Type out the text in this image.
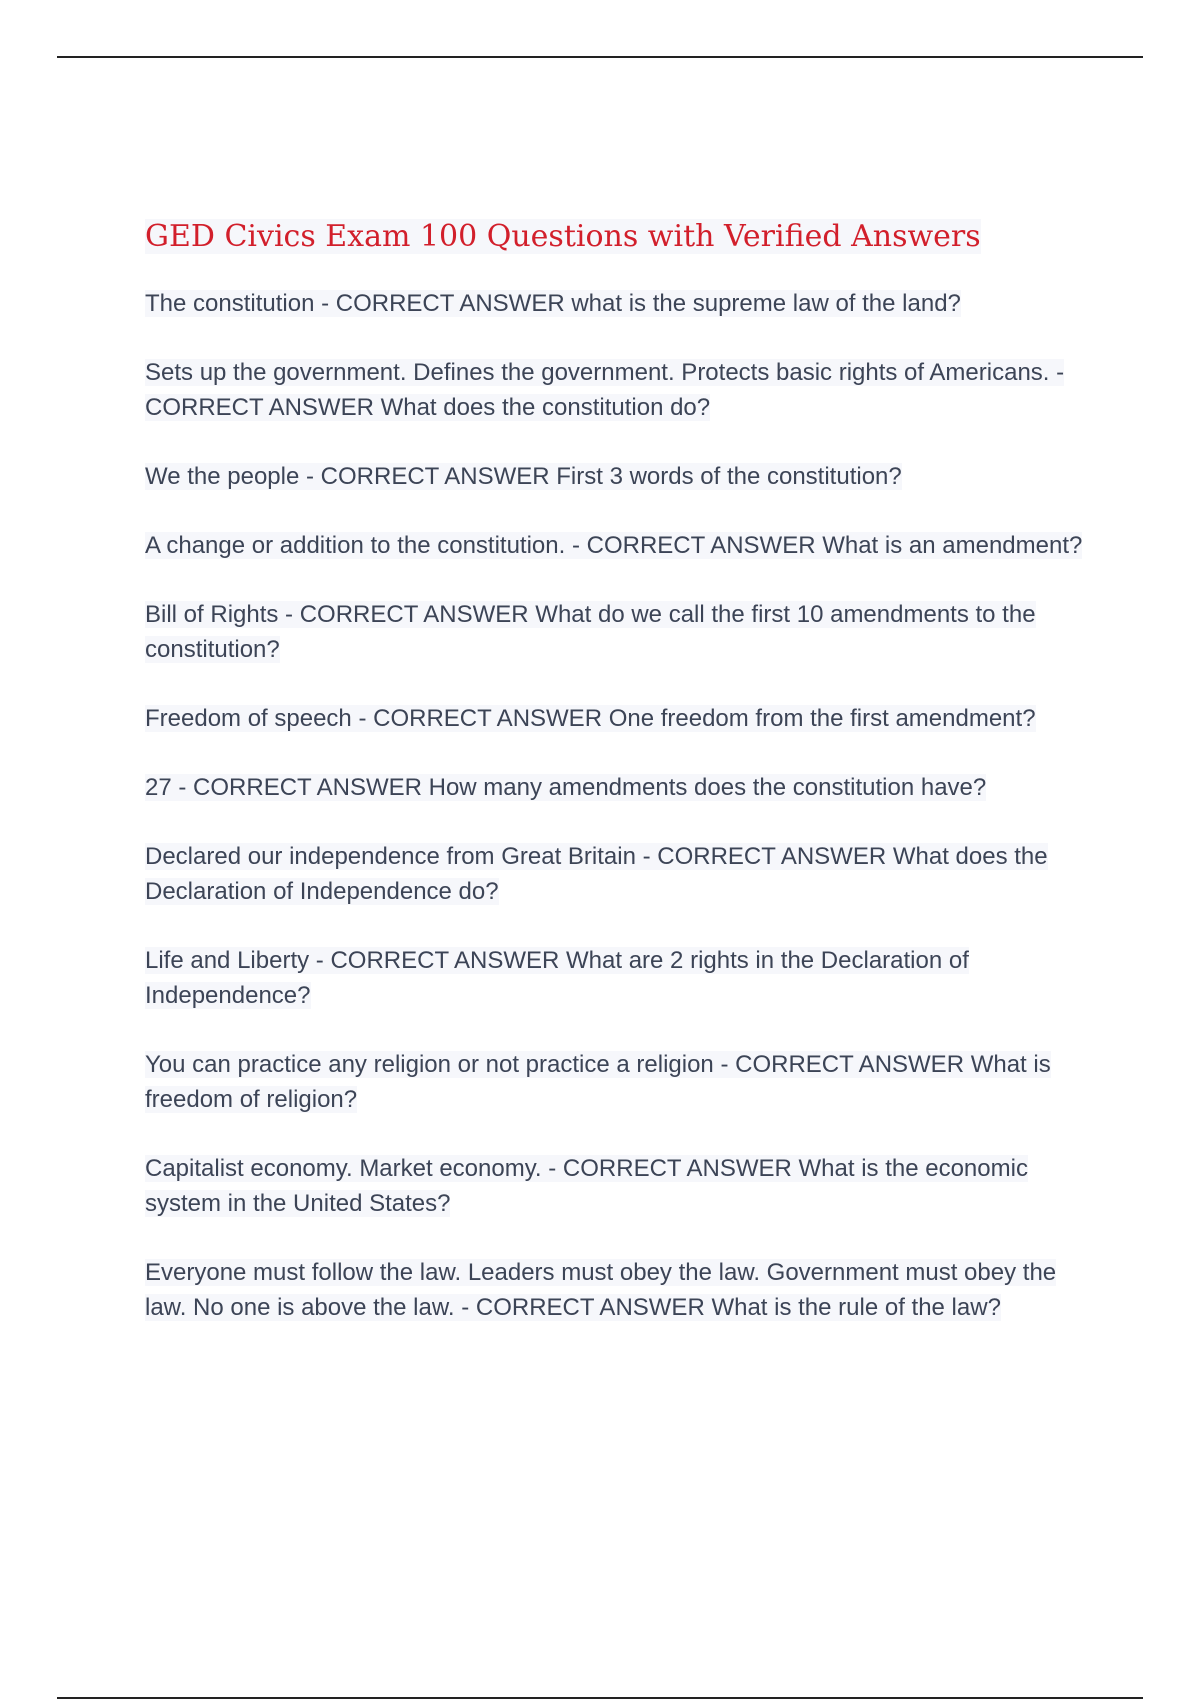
GED Civics Exam 100 Questions with Verified Answers
The constitution - CORRECT ANSWER what is the supreme law of the land?
Sets up the government. Defines the government. Protects basic rights of Americans. - CORRECT ANSWER What does the constitution do?
We the people - CORRECT ANSWER First 3 words of the constitution?
A change or addition to the constitution. - CORRECT ANSWER What is an amendment?
Bill of Rights - CORRECT ANSWER What do we call the first 10 amendments to the constitution?
Freedom of speech - CORRECT ANSWER One freedom from the first amendment?
27 - CORRECT ANSWER How many amendments does the constitution have?
Declared our independence from Great Britain - CORRECT ANSWER What does the Declaration of Independence do?
Life and Liberty - CORRECT ANSWER What are 2 rights in the Declaration of Independence?
You can practice any religion or not practice a religion - CORRECT ANSWER What is freedom of religion?
Capitalist economy. Market economy. - CORRECT ANSWER What is the economic system in the United States?
Everyone must follow the law. Leaders must obey the law. Government must obey the law. No one is above the law. - CORRECT ANSWER What is the rule of the law?
